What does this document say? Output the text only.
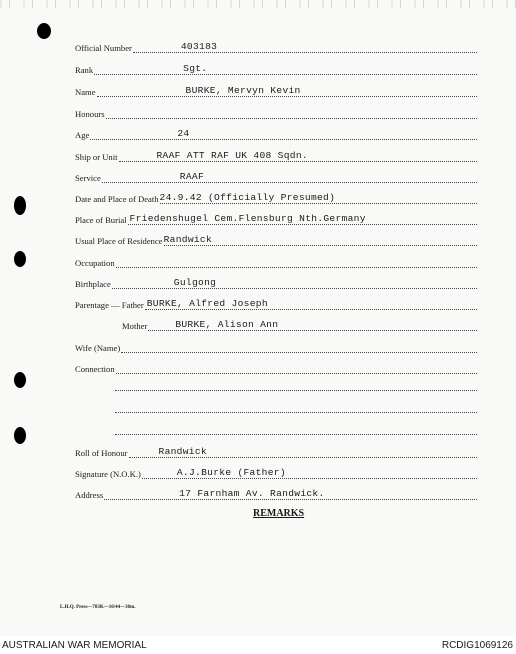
Official Number	403183
Rank	Sgt.
Name	BURKE, Mervyn Kevin
Honours
Age	24
Ship or Unit	RAAF ATT RAF UK 408 Sqdn.
Service	RAAF
Date and Place of Death 24.9.42 (Officially Presumed)
Place of Burial Friedenshugel Cem.Flensburg Nth.Germany
Usual Place of Residence Randwick
Occupation
Birthplace	Gulgong
Parentage — Father BURKE, Alfred Joseph
Mother	BURKE, Alison Ann
Wife (Name)
Connection
Roll of Honour	Randwick
Signature (N.O.K.)	A.J.Burke (Father)
Address	17 Farnham Av. Randwick.
REMARKS
L.H.Q. Press—783K—10/44—30m.
AUSTRALIAN WAR MEMORIAL	RCDIG1069126
